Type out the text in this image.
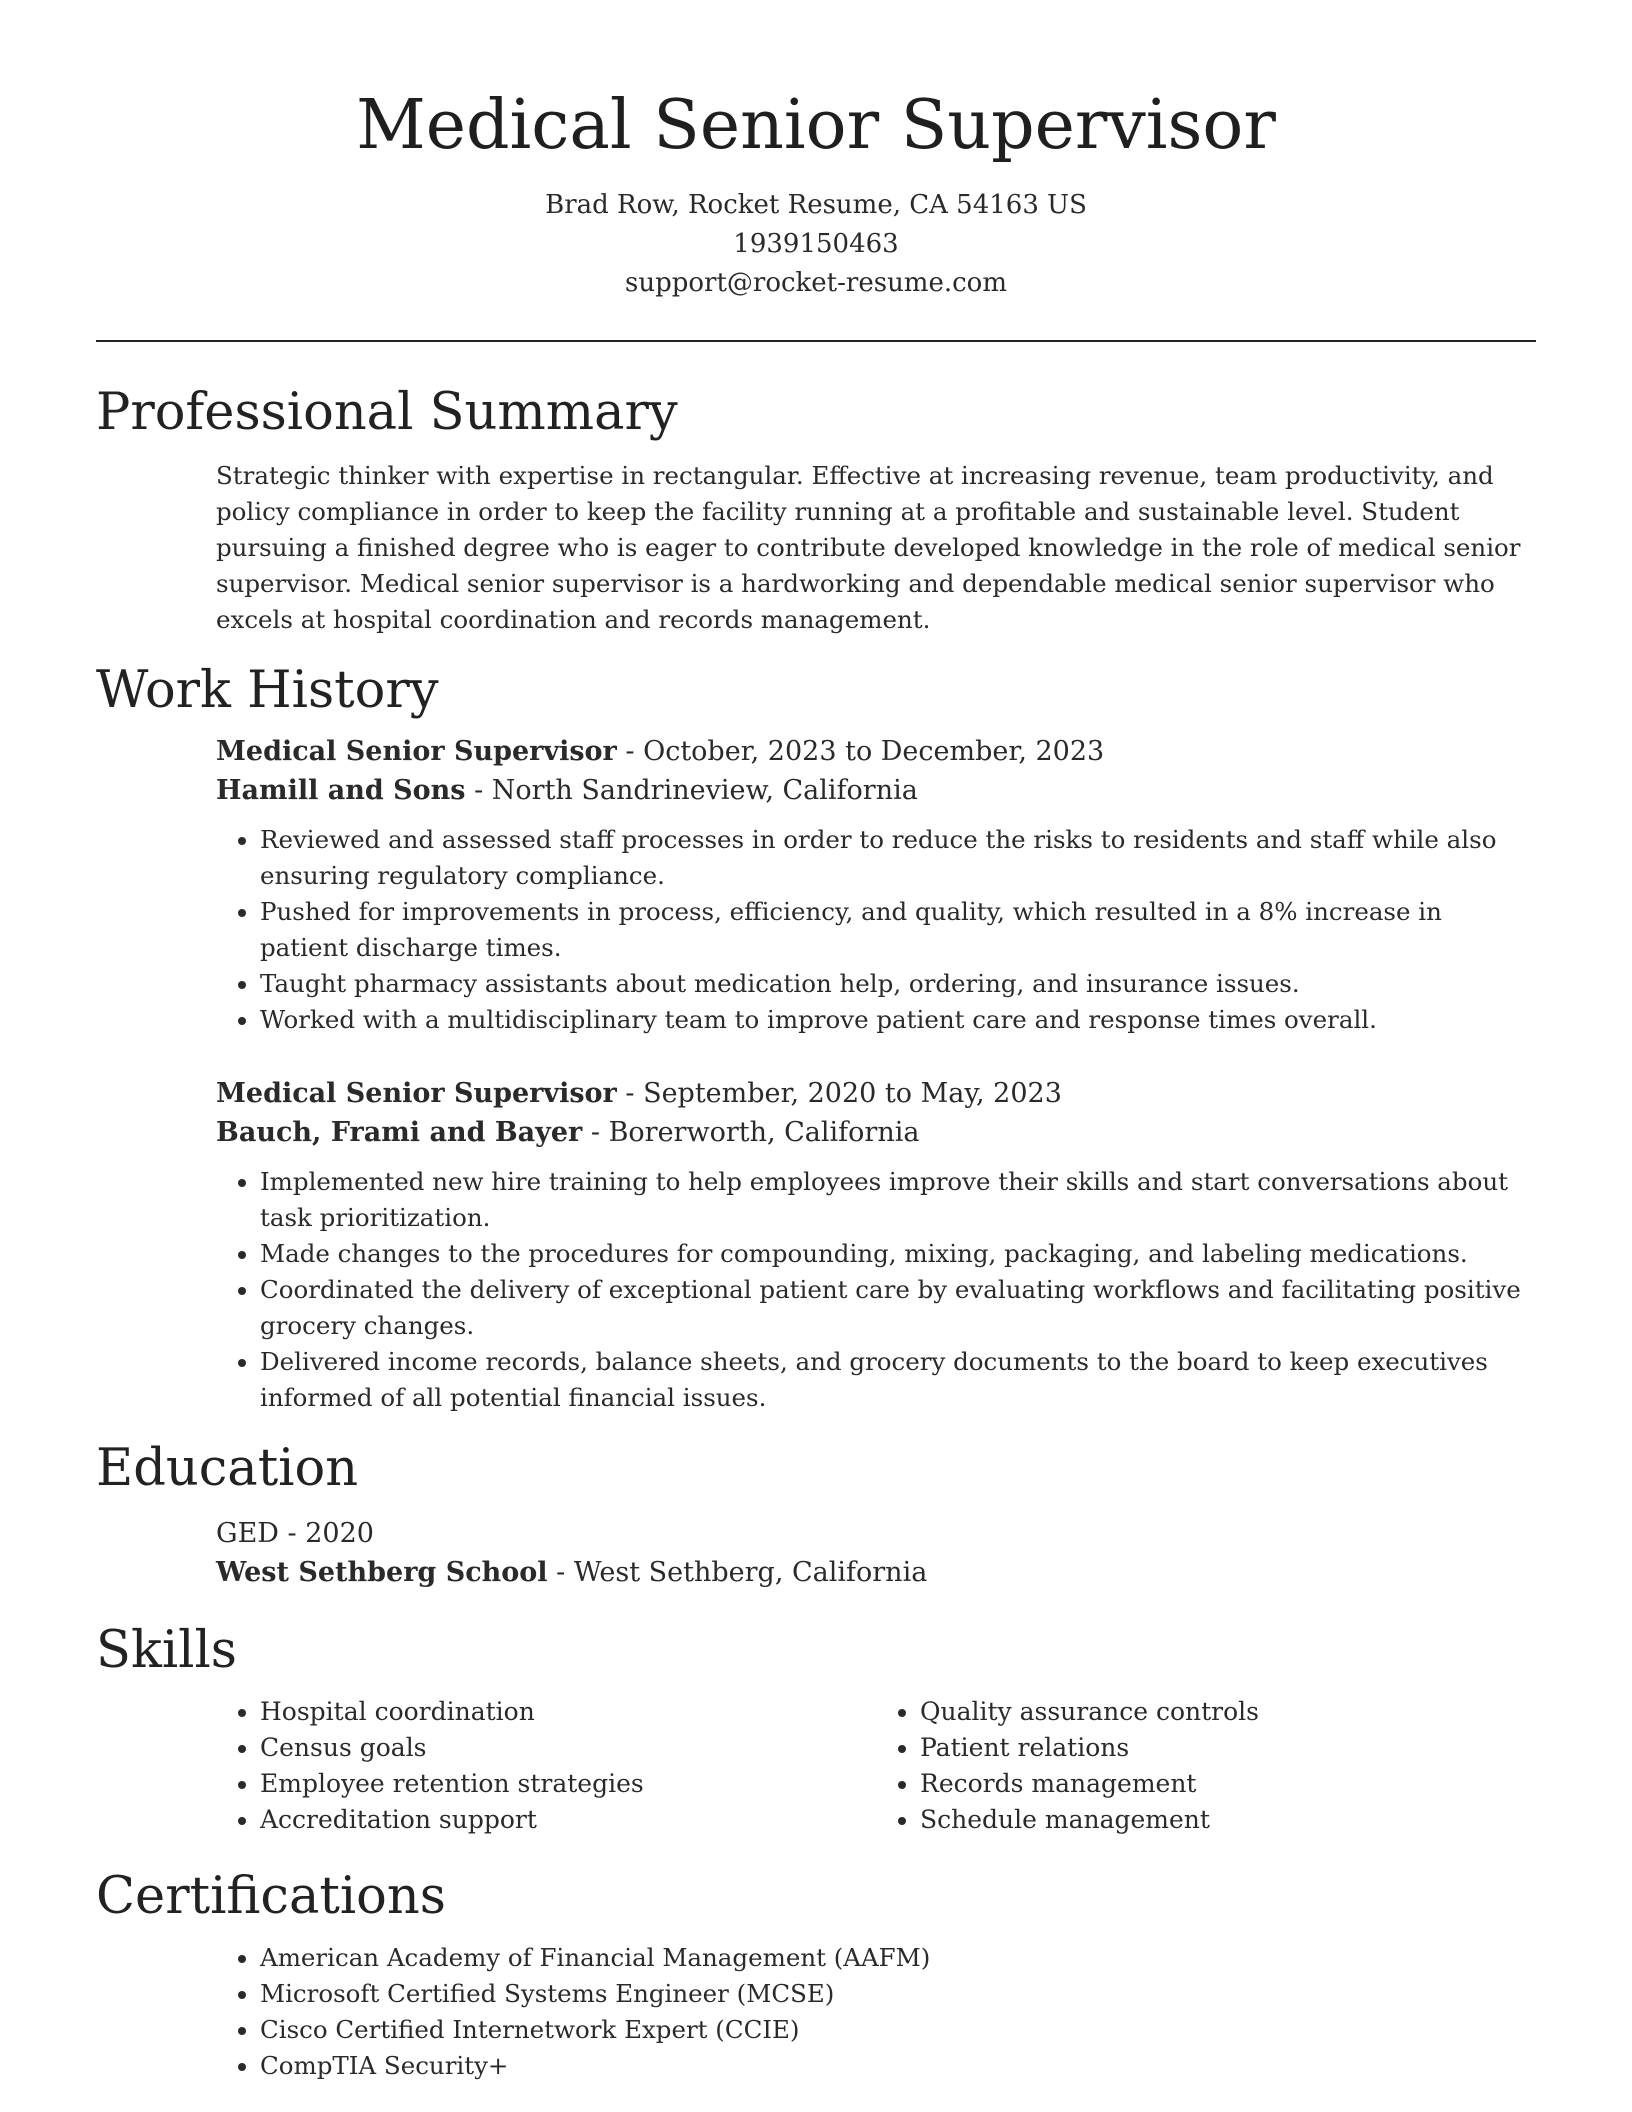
Medical Senior Supervisor
Brad Row, Rocket Resume, CA 54163 US
1939150463
support@rocket-resume.com
Professional Summary
Strategic thinker with expertise in rectangular. Effective at increasing revenue, team productivity, and policy compliance in order to keep the facility running at a profitable and sustainable level. Student pursuing a finished degree who is eager to contribute developed knowledge in the role of medical senior supervisor. Medical senior supervisor is a hardworking and dependable medical senior supervisor who excels at hospital coordination and records management.
Work History
Medical Senior Supervisor - October, 2023 to December, 2023
Hamill and Sons - North Sandrineview, California
• Reviewed and assessed staff processes in order to reduce the risks to residents and staff while also ensuring regulatory compliance.
• Pushed for improvements in process, efficiency, and quality, which resulted in a 8% increase in patient discharge times.
• Taught pharmacy assistants about medication help, ordering, and insurance issues.
• Worked with a multidisciplinary team to improve patient care and response times overall.
Medical Senior Supervisor - September, 2020 to May, 2023
Bauch, Frami and Bayer - Borerworth, California
• Implemented new hire training to help employees improve their skills and start conversations about task prioritization.
• Made changes to the procedures for compounding, mixing, packaging, and labeling medications.
• Coordinated the delivery of exceptional patient care by evaluating workflows and facilitating positive grocery changes.
• Delivered income records, balance sheets, and grocery documents to the board to keep executives informed of all potential financial issues.
Education
GED - 2020
West Sethberg School - West Sethberg, California
Skills
• Hospital coordination
• Census goals
• Employee retention strategies
• Accreditation support
• Quality assurance controls
• Patient relations
• Records management
• Schedule management
Certifications
• American Academy of Financial Management (AAFM)
• Microsoft Certified Systems Engineer (MCSE)
• Cisco Certified Internetwork Expert (CCIE)
• CompTIA Security+
